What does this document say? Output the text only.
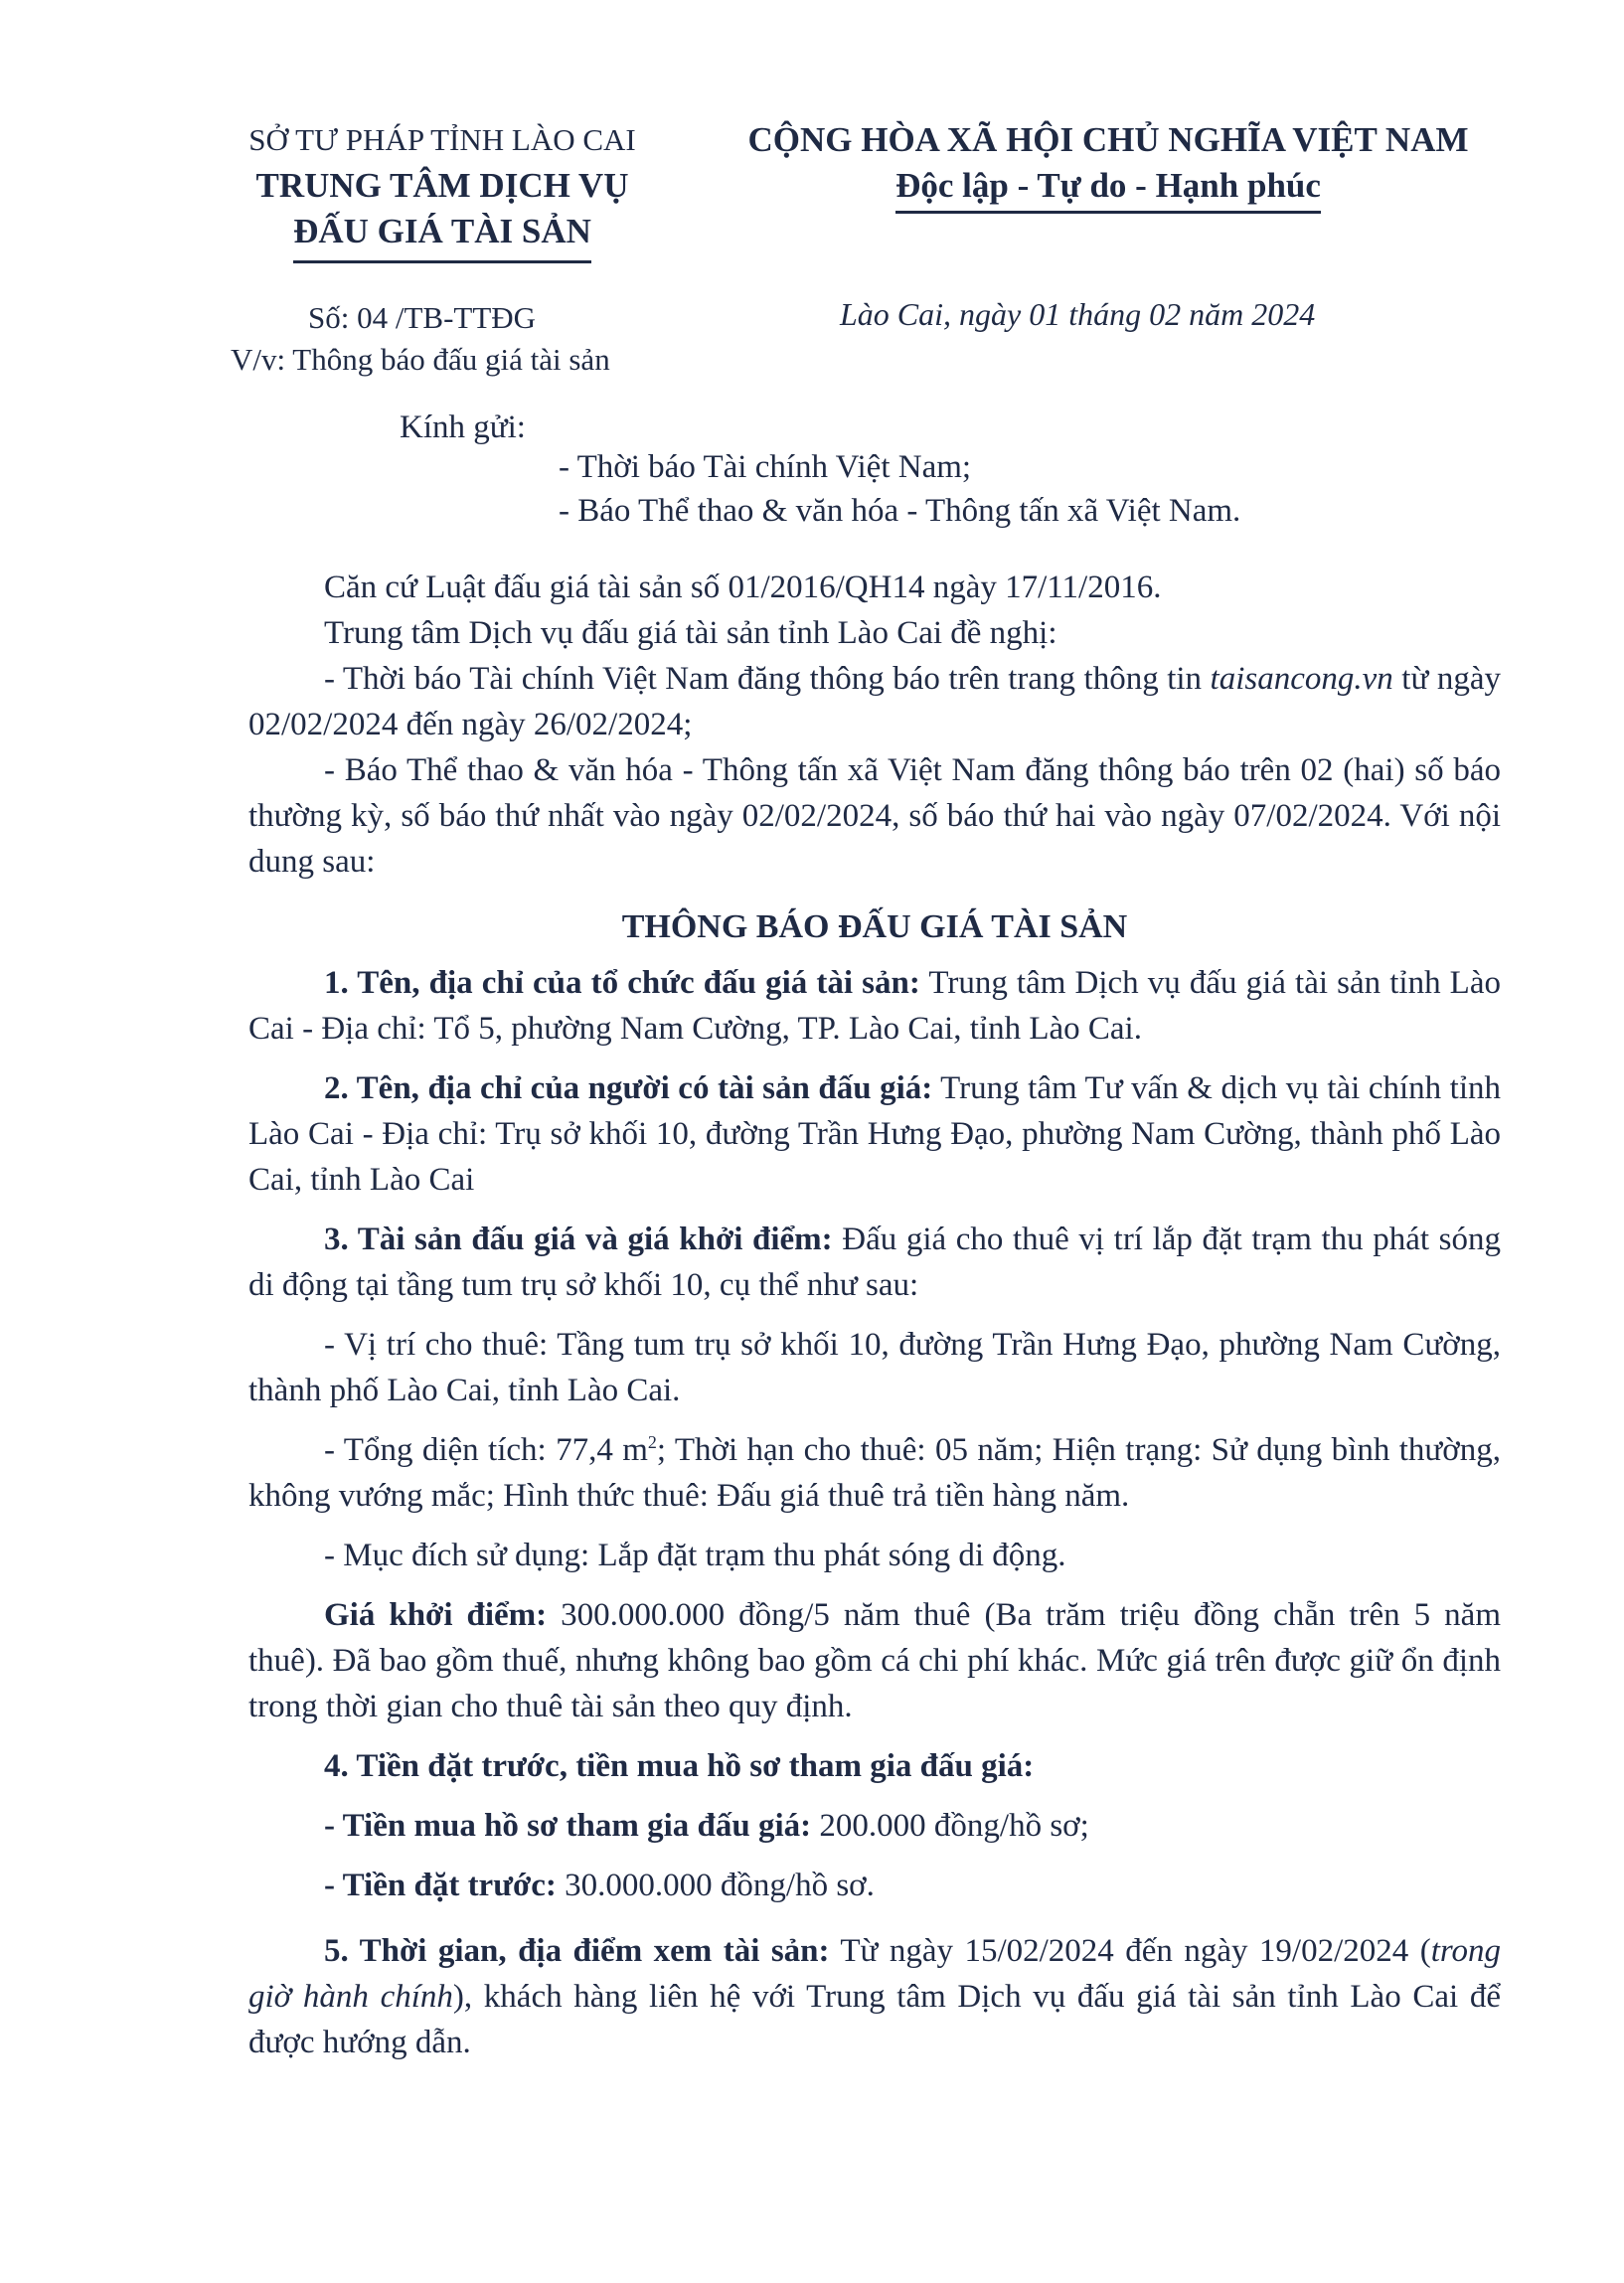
SỞ TƯ PHÁP TỈNH LÀO CAI
TRUNG TÂM DỊCH VỤ
ĐẤU GIÁ TÀI SẢN
CỘNG HÒA XÃ HỘI CHỦ NGHĨA VIỆT NAM
Độc lập - Tự do - Hạnh phúc
Số: 04 /TB-TTĐG
V/v: Thông báo đấu giá tài sản
Lào Cai, ngày 01 tháng 02 năm 2024
Kính gửi:
- Thời báo Tài chính Việt Nam;
- Báo Thể thao & văn hóa - Thông tấn xã Việt Nam.

Căn cứ Luật đấu giá tài sản số 01/2016/QH14 ngày 17/11/2016.

Trung tâm Dịch vụ đấu giá tài sản tỉnh Lào Cai đề nghị:

- Thời báo Tài chính Việt Nam đăng thông báo trên trang thông tin taisancong.vn từ ngày 02/02/2024 đến ngày 26/02/2024;

- Báo Thể thao & văn hóa - Thông tấn xã Việt Nam đăng thông báo trên 02 (hai) số báo thường kỳ, số báo thứ nhất vào ngày 02/02/2024, số báo thứ hai vào ngày 07/02/2024. Với nội dung sau:

THÔNG BÁO ĐẤU GIÁ TÀI SẢN

1. Tên, địa chỉ của tổ chức đấu giá tài sản: Trung tâm Dịch vụ đấu giá tài sản tỉnh Lào Cai - Địa chỉ: Tổ 5, phường Nam Cường, TP. Lào Cai, tỉnh Lào Cai.

2. Tên, địa chỉ của người có tài sản đấu giá: Trung tâm Tư vấn & dịch vụ tài chính tỉnh Lào Cai - Địa chỉ: Trụ sở khối 10, đường Trần Hưng Đạo, phường Nam Cường, thành phố Lào Cai, tỉnh Lào Cai

3. Tài sản đấu giá và giá khởi điểm: Đấu giá cho thuê vị trí lắp đặt trạm thu phát sóng di động tại tầng tum trụ sở khối 10, cụ thể như sau:

- Vị trí cho thuê: Tầng tum trụ sở khối 10, đường Trần Hưng Đạo, phường Nam Cường, thành phố Lào Cai, tỉnh Lào Cai.

- Tổng diện tích: 77,4 $m^2$; Thời hạn cho thuê: 05 năm; Hiện trạng: Sử dụng bình thường, không vướng mắc; Hình thức thuê: Đấu giá thuê trả tiền hàng năm.

- Mục đích sử dụng: Lắp đặt trạm thu phát sóng di động.

Giá khởi điểm: 300.000.000 đồng/5 năm thuê (Ba trăm triệu đồng chẵn trên 5 năm thuê). Đã bao gồm thuế, nhưng không bao gồm cá chi phí khác. Mức giá trên được giữ ổn định trong thời gian cho thuê tài sản theo quy định.

4. Tiền đặt trước, tiền mua hồ sơ tham gia đấu giá:

- Tiền mua hồ sơ tham gia đấu giá: 200.000 đồng/hồ sơ;

- Tiền đặt trước: 30.000.000 đồng/hồ sơ.

5. Thời gian, địa điểm xem tài sản: Từ ngày 15/02/2024 đến ngày 19/02/2024 (trong giờ hành chính), khách hàng liên hệ với Trung tâm Dịch vụ đấu giá tài sản tỉnh Lào Cai để được hướng dẫn.
